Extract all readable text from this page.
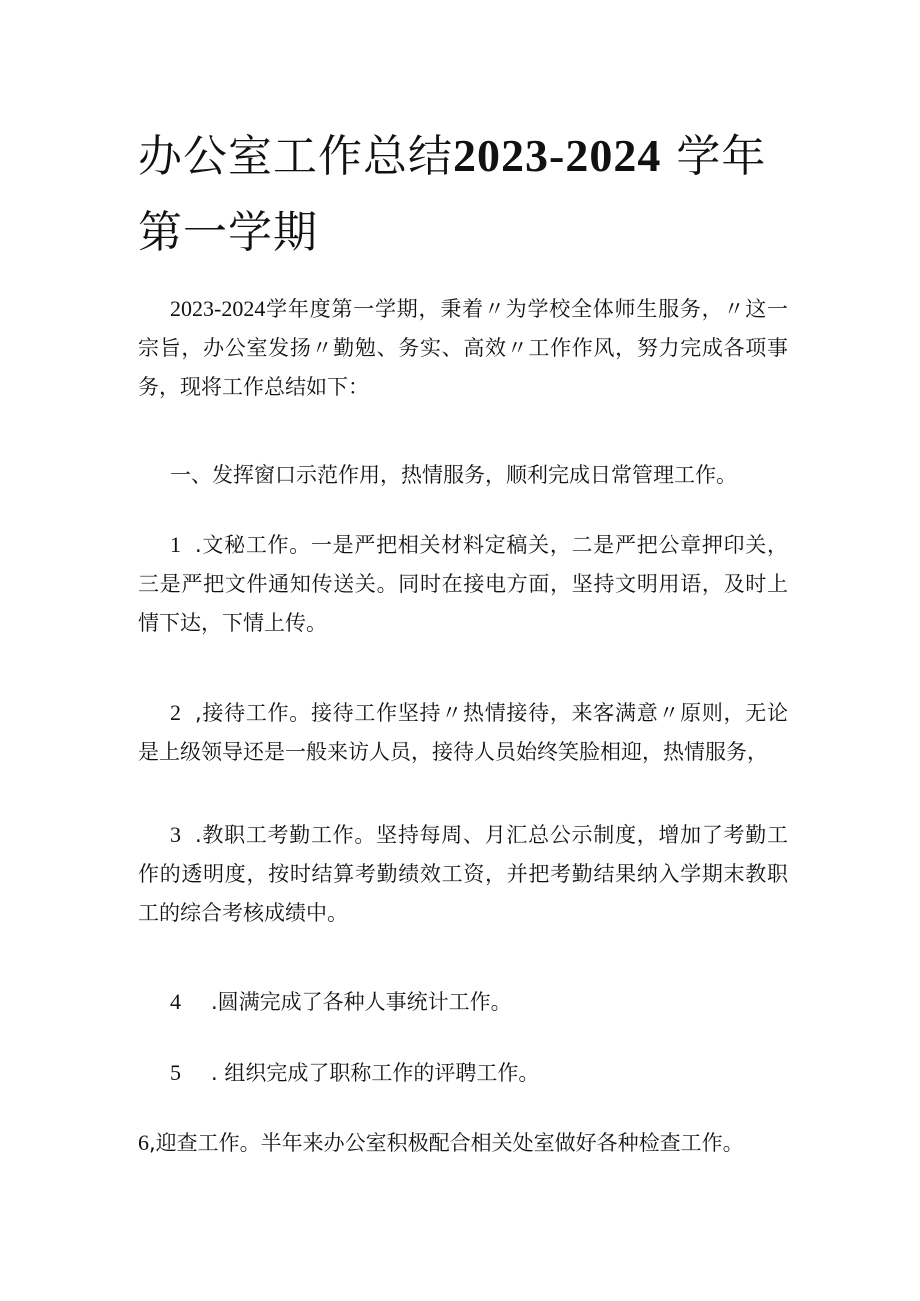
办公室工作总结2023-2024 学年第一学期

2023-2024学年度第一学期，秉着〃为学校全体师生服务，〃这一宗旨，办公室发扬〃勤勉、务实、高效〃工作作风，努力完成各项事务，现将工作总结如下：

一、发挥窗口示范作用，热情服务，顺利完成日常管理工作。

1 .文秘工作。一是严把相关材料定稿关，二是严把公章押印关，三是严把文件通知传送关。同时在接电方面，坚持文明用语，及时上情下达，下情上传。

2 ,接待工作。接待工作坚持〃热情接待，来客满意〃原则，无论是上级领导还是一般来访人员，接待人员始终笑脸相迎，热情服务，

3 .教职工考勤工作。坚持每周、月汇总公示制度，增加了考勤工作的透明度，按时结算考勤绩效工资，并把考勤结果纳入学期末教职工的综合考核成绩中。

4 .圆满完成了各种人事统计工作。

5 . 组织完成了职称工作的评聘工作。

6,迎查工作。半年来办公室积极配合相关处室做好各种检查工作。
